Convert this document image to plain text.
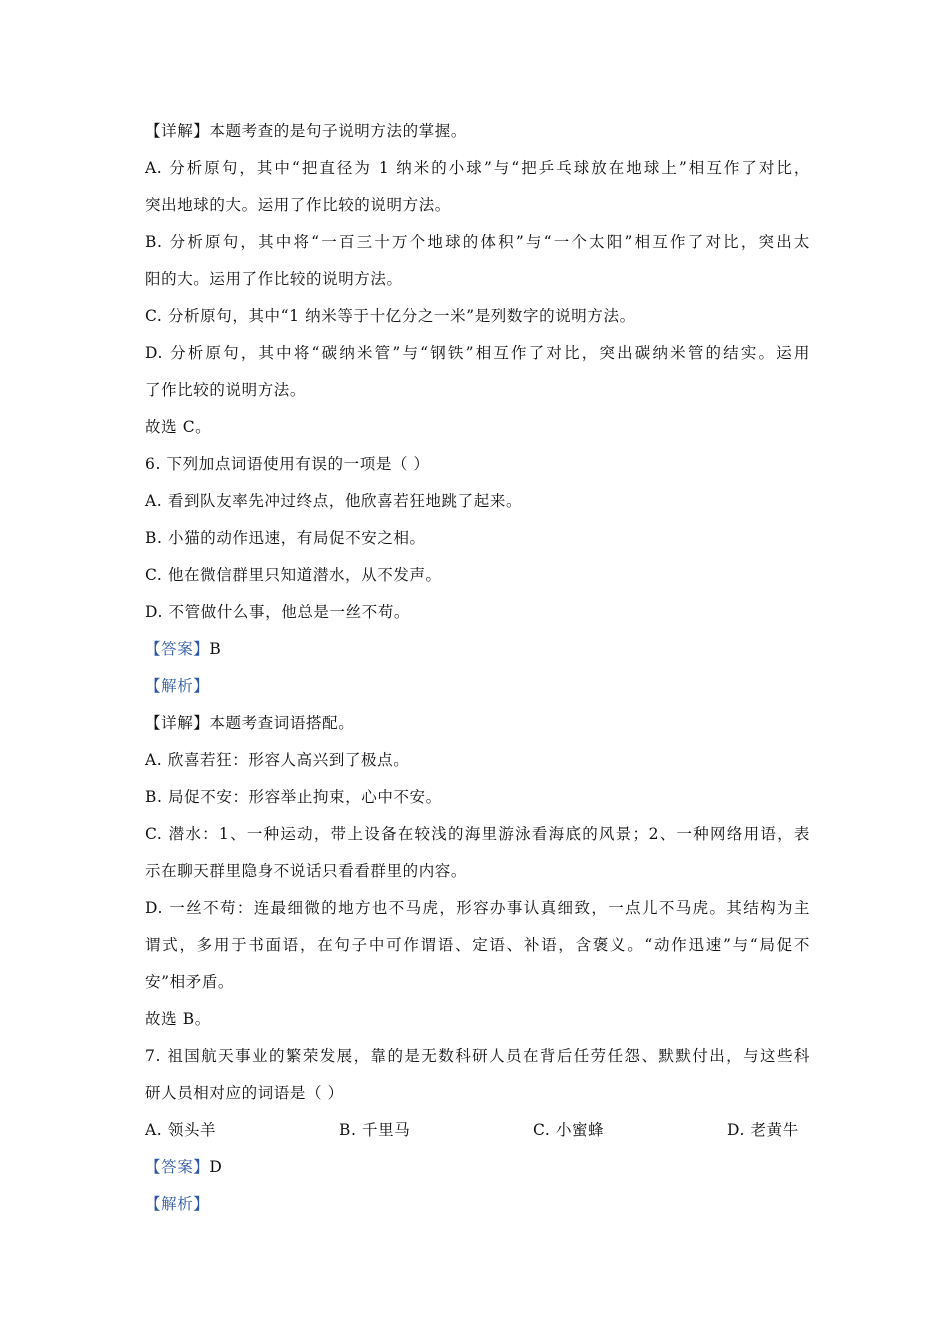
【详解】本题考查的是句子说明方法的掌握。
A. 分析原句，其中“把直径为 1 纳米的小球”与“把乒乓球放在地球上”相互作了对比，
突出地球的大。运用了作比较的说明方法。
B. 分析原句，其中将“一百三十万个地球的体积”与“一个太阳”相互作了对比，突出太
阳的大。运用了作比较的说明方法。
C. 分析原句，其中“1 纳米等于十亿分之一米”是列数字的说明方法。
D. 分析原句，其中将“碳纳米管”与“钢铁”相互作了对比，突出碳纳米管的结实。运用
了作比较的说明方法。
故选 C。
6. 下列加点词语使用有误的一项是（ ）
A. 看到队友率先冲过终点，他欣喜若狂地跳了起来。
B. 小猫的动作迅速，有局促不安之相。
C. 他在微信群里只知道潜水，从不发声。
D. 不管做什么事，他总是一丝不苟。
【答案】B
【解析】
【详解】本题考查词语搭配。
A. 欣喜若狂：形容人高兴到了极点。
B. 局促不安：形容举止拘束，心中不安。
C. 潜水：1、一种运动，带上设备在较浅的海里游泳看海底的风景；2、一种网络用语，表
示在聊天群里隐身不说话只看看群里的内容。
D. 一丝不苟：连最细微的地方也不马虎，形容办事认真细致，一点儿不马虎。其结构为主
谓式，多用于书面语，在句子中可作谓语、定语、补语，含褒义。“动作迅速”与“局促不
安”相矛盾。
故选 B。
7. 祖国航天事业的繁荣发展，靠的是无数科研人员在背后任劳任怨、默默付出，与这些科
研人员相对应的词语是（ ）
A. 领头羊	B. 千里马	C. 小蜜蜂	D. 老黄牛
【答案】D
【解析】
